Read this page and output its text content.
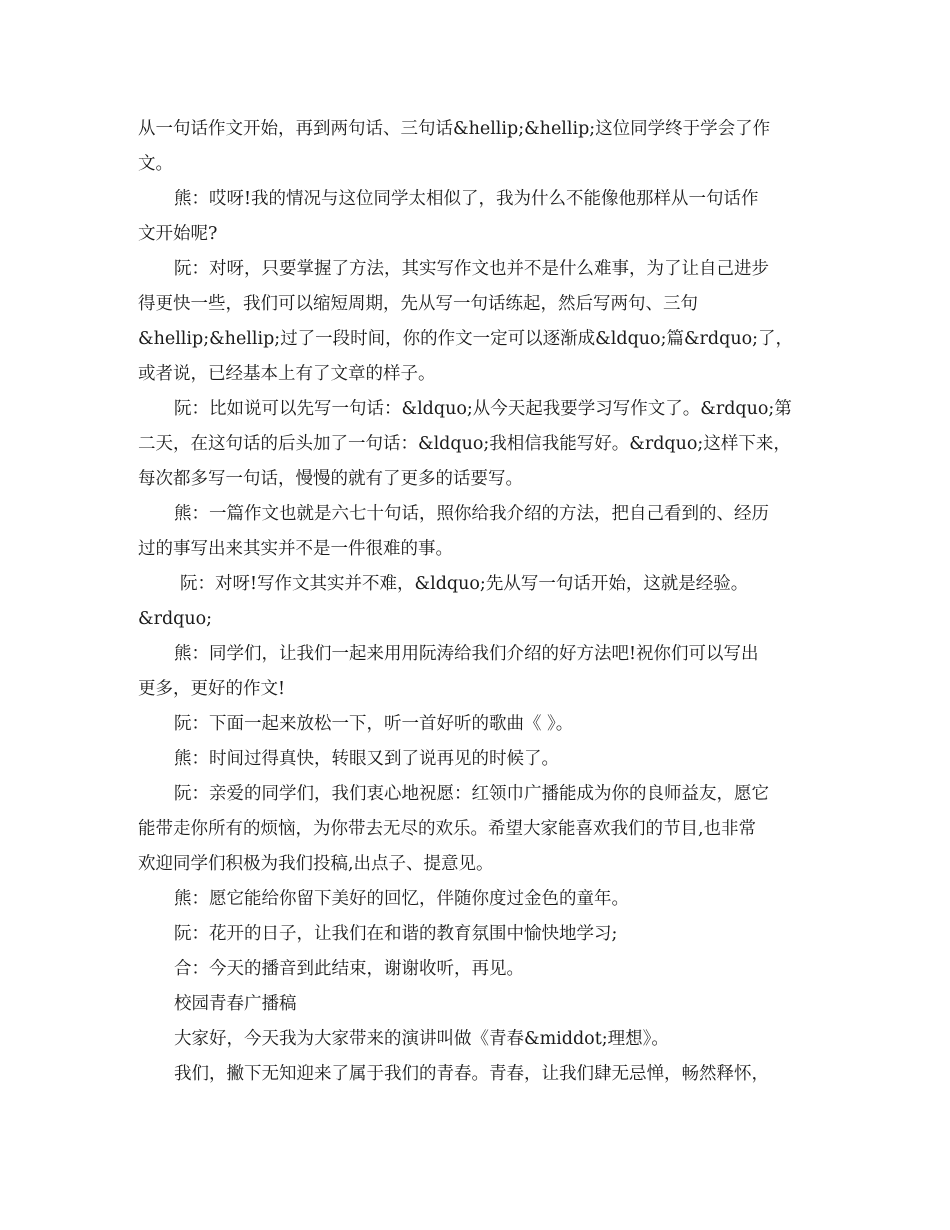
从一句话作文开始，再到两句话、三句话&hellip;&hellip;这位同学终于学会了作
文。
熊：哎呀!我的情况与这位同学太相似了，我为什么不能像他那样从一句话作
文开始呢?
阮：对呀，只要掌握了方法，其实写作文也并不是什么难事，为了让自己进步
得更快一些，我们可以缩短周期，先从写一句话练起，然后写两句、三句
&hellip;&hellip;过了一段时间，你的作文一定可以逐渐成&ldquo;篇&rdquo;了，
或者说，已经基本上有了文章的样子。
阮：比如说可以先写一句话：&ldquo;从今天起我要学习写作文了。&rdquo;第
二天，在这句话的后头加了一句话：&ldquo;我相信我能写好。&rdquo;这样下来，
每次都多写一句话，慢慢的就有了更多的话要写。
熊：一篇作文也就是六七十句话，照你给我介绍的方法，把自己看到的、经历
过的事写出来其实并不是一件很难的事。
阮：对呀!写作文其实并不难，&ldquo;先从写一句话开始，这就是经验。
&rdquo;
熊：同学们，让我们一起来用用阮涛给我们介绍的好方法吧!祝你们可以写出
更多，更好的作文!
阮：下面一起来放松一下，听一首好听的歌曲《 》。
熊：时间过得真快，转眼又到了说再见的时候了。
阮：亲爱的同学们，我们衷心地祝愿：红领巾广播能成为你的良师益友，愿它
能带走你所有的烦恼，为你带去无尽的欢乐。希望大家能喜欢我们的节目,也非常
欢迎同学们积极为我们投稿,出点子、提意见。
熊：愿它能给你留下美好的回忆，伴随你度过金色的童年。
阮：花开的日子，让我们在和谐的教育氛围中愉快地学习;
合：今天的播音到此结束，谢谢收听，再见。
校园青春广播稿
大家好，今天我为大家带来的演讲叫做《青春&middot;理想》。
我们，撇下无知迎来了属于我们的青春。青春，让我们肆无忌惮，畅然释怀，
